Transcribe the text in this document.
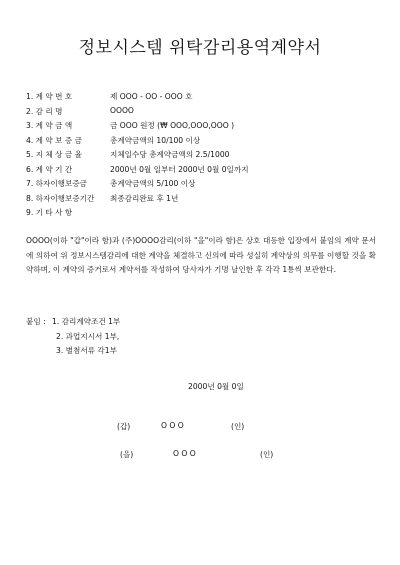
정보시스템 위탁감리용역계약서
1. 계 약 번 호	제 OOO - OO - OOO 호
2. 감 리 명	OOOO
3. 계 약 금 액	금 OOO 원정 (₩ OOO,OOO,OOO )
4. 계 약 보 증 금	총계약금액의 10/100 이상
5. 지 체 상 금 율	지체일수당 총계약금액의 2.5/1000
6. 계 약 기 간	2000년 0월 일부터 2000년 0월 0일까지
7. 하자이행보증금	총계약금액의 5/100 이상
8. 하자이행보증기간 최종감리완료 후 1년
9. 기 타 사 항
OOOO(이하 "갑"이라 함)과 (주)OOOO감리(이하 "을"이라 함)은 상호 대등한 입장에서 붙임의 계약 문서에 의하여 위 정보시스템감리에 대한 계약을 체결하고 신의에 따라 성실히 계약상의 의무를 이행할 것을 확약하며, 이 계약의 증거로서 계약서를 작성하여 당사자가 기명 날인한 후 각각 1통씩 보관한다.
붙임 : 1. 감리계약조건 1부
2. 과업지시서 1부,
3. 별첨서류 각1부
2000년 0월 0일
(갑)	O O O	(인)
(을)	O O O	(인)
